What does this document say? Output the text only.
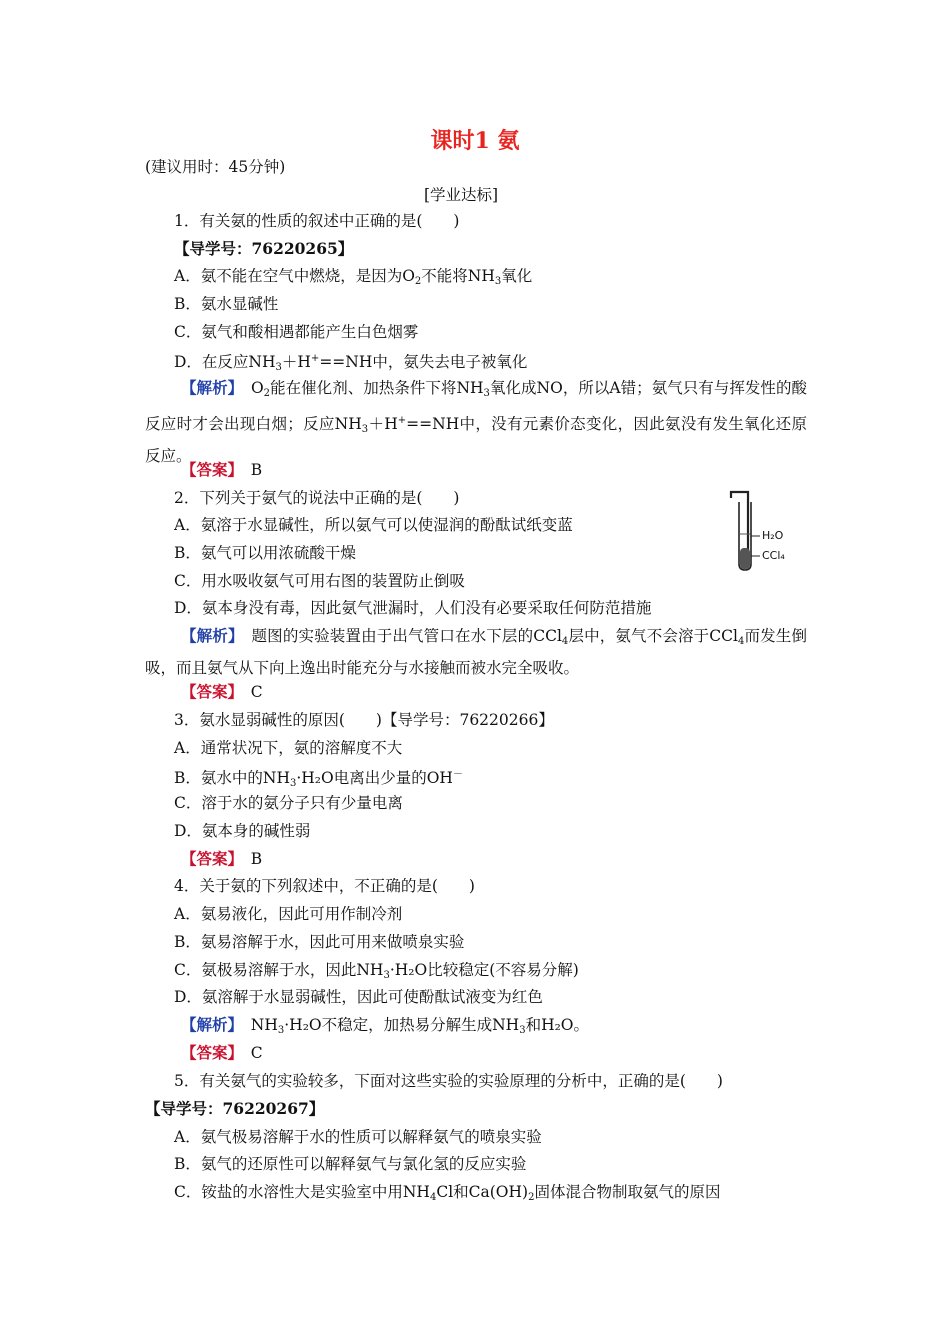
课时1 氨
(建议用时：45分钟)
[学业达标]
1．有关氨的性质的叙述中正确的是(　　)
【导学号：76220265】
A．氨不能在空气中燃烧，是因为$O_2$不能将$NH_3$氧化
B．氨水显碱性
C．氨气和酸相遇都能产生白色烟雾
D．在反应$NH_3+H^+==NH$中，氨失去电子被氧化
【解析】　 $O_2$能在催化剂、加热条件下将$NH_3$氧化成NO，所以A错；氨气只有与挥发性的酸反应时才会出现白烟；反应$NH_3+H^+==NH$中，没有元素价态变化，因此氨没有发生氧化还原反应。
【答案】　 B
2．下列关于氨气的说法中正确的是(　　)
A．氨溶于水显碱性，所以氨气可以使湿润的酚酞试纸变蓝
B．氨气可以用浓硫酸干燥
C．用水吸收氨气可用右图的装置防止倒吸
D．氨本身没有毒，因此氨气泄漏时，人们没有必要采取任何防范措施
H₂O
CCl₄
【解析】　 题图的实验装置由于出气管口在水下层的CCl$_4$层中，氨气不会溶于CCl$_4$而发生倒吸，而且氨气从下向上逸出时能充分与水接触而被水完全吸收。
【答案】　 C
3．氨水显弱碱性的原因(　　)【导学号：76220266】
A．通常状况下，氨的溶解度不大
B．氨水中的$NH_3\cdot H_2O$电离出少量的OH－
C．溶于水的氨分子只有少量电离
D．氨本身的碱性弱
【答案】　 B
4．关于氨的下列叙述中，不正确的是(　　)
A．氨易液化，因此可用作制冷剂
B．氨易溶解于水，因此可用来做喷泉实验
C．氨极易溶解于水，因此$NH_3\cdot H_2O$比较稳定(不容易分解)
D．氨溶解于水显弱碱性，因此可使酚酞试液变为红色
【解析】　 $NH_3\cdot H_2O$不稳定，加热易分解生成$NH_3$和H₂O。
【答案】　 C
5．有关氨气的实验较多，下面对这些实验的实验原理的分析中，正确的是(　　)
【导学号：76220267】
A．氨气极易溶解于水的性质可以解释氨气的喷泉实验
B．氨气的还原性可以解释氨气与氯化氢的反应实验
C．铵盐的水溶性大是实验室中用$NH_4Cl$和$Ca(OH)_2$固体混合物制取氨气的原因
